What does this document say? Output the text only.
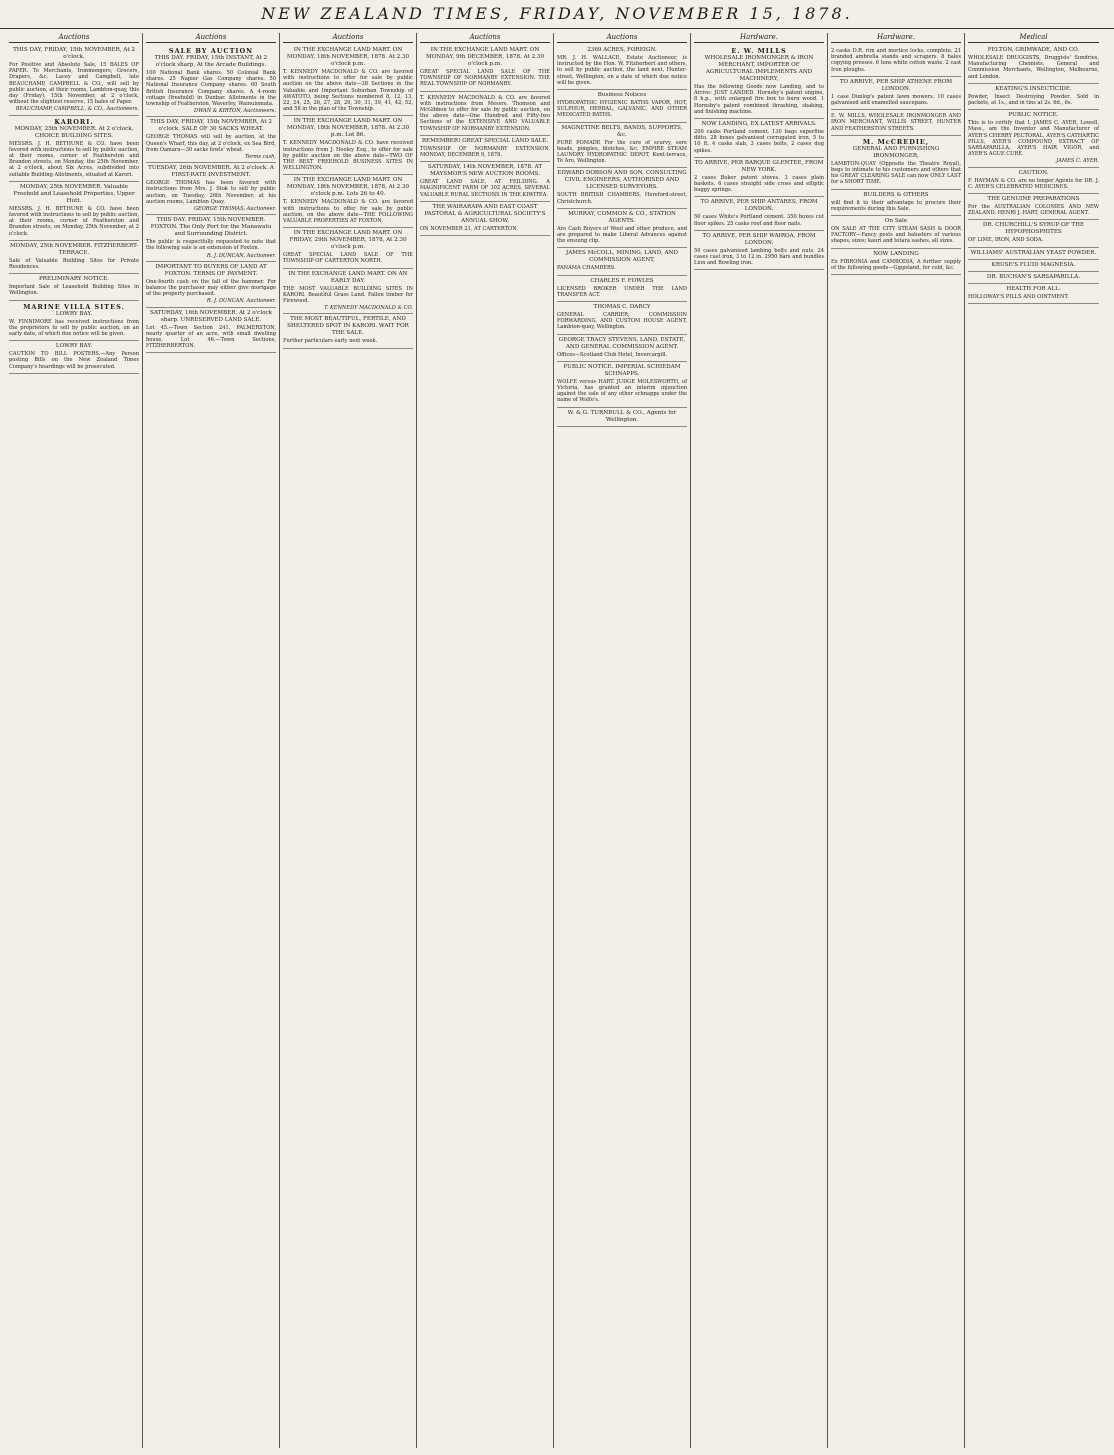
NEW ZEALAND TIMES, FRIDAY, NOVEMBER 15, 1878.
Auctions
THIS DAY, FRIDAY, 15th NOVEMBER, At 2 o'clock.
For Positive and Absolute Sale, 15 BALES OF PAPER. To Merchants, Ironmongers, Grocers, Drapers, &c. Lacey and Campbell, late BEAUCHAMP, CAMPBELL & CO., will sell by public auction, at their rooms, Lambton-quay, this day (Friday), 15th November, at 2 o'clock, without the slightest reserve, 15 bales of Paper.
BEAUCHAMP, CAMPBELL, & CO., Auctioneers.
KARORI.
MONDAY, 25th NOVEMBER. At 2 o'clock. CHOICE BUILDING SITES.
MESSRS. J. H. BETHUNE & CO. have been favored with instructions to sell by public auction, at their rooms, corner of Featherston and Brandon streets, on Monday, the 25th November, at 2 o'clock, about Six Acres, subdivided into suitable Building Allotments, situated at Karori.
MONDAY, 25th NOVEMBER. Valuable Freehold and Leasehold Properties, Upper Hutt.
MESSRS. J. H. BETHUNE & CO. have been favored with instructions to sell by public auction, at their rooms, corner of Featherston and Brandon streets, on Monday, 25th November, at 2 o'clock.
MONDAY, 25th NOVEMBER. FITZHERBERT-TERRACE.
Sale of Valuable Building Sites for Private Residences.
PRELIMINARY NOTICE.
Important Sale of Leasehold Building Sites in Wellington.
MARINE VILLA SITES.
LOWRY BAY.
W. FINNIMORE has received instructions from the proprietors to sell by public auction, on an early date, of which due notice will be given.
LOWRY BAY.
CAUTION TO BILL POSTERS.—Any Person posting Bills on the New Zealand Times Company's hoardings will be prosecuted.
Auctions
SALE BY AUCTION
THIS DAY. FRIDAY, 15th INSTANT, At 2 o'clock sharp, At the Arcade Buildings.
100 National Bank shares. 50 Colonial Bank shares. 25 Napier Gas Company shares. 50 National Insurance Company shares. 60 South British Insurance Company shares. A 4-room cottage (freehold) in Dunbar. Allotments in the township of Featherston, Waverley, Wainuiomata.
DWAN & KIRTON, Auctioneers.
THIS DAY, FRIDAY, 15th NOVEMBER, At 2 o'clock. SALE OF 30 SACKS WHEAT.
GEORGE THOMAS will sell by auction, at the Queen's Wharf, this day, at 2 o'clock, ex Sea Bird, from Oamaru—30 sacks fowls' wheat.
Terms cash.
TUESDAY, 26th NOVEMBER. At 2 o'clock. A FIRST-RATE INVESTMENT.
GEORGE THOMAS has been favored with instructions from Mrs. J. Stok to sell by public auction, on Tuesday, 26th November, at his auction rooms, Lambton Quay.
GEORGE THOMAS, Auctioneer.
THIS DAY. FRIDAY, 15th NOVEMBER. FOXTON. The Only Port for the Manawatu and Surrounding District.
The public is respectfully requested to note that the following sale is an extension of Foxton.
R. J. DUNCAN, Auctioneer.
IMPORTANT TO BUYERS OF LAND AT FOXTON. TERMS OF PAYMENT.
One-fourth cash on the fall of the hammer. For balance the purchaser may either give mortgage of the property purchased.
R. J. DUNCAN, Auctioneer.
SATURDAY, 16th NOVEMBER. At 2 o'clock sharp. UNRESERVED LAND SALE.
Lot 45.—Town Section 241, PALMERSTON, nearly quarter of an acre, with small dwelling house. Lot 46.—Town Sections, FITZHERBERTON.
Auctions
IN THE EXCHANGE LAND MART. ON MONDAY, 18th NOVEMBER, 1878. At 2.30 o'clock p.m.
T. KENNEDY MACDONALD & CO. are favored with instructions to offer for sale by public auction on the above date—38 Sections in the Valuable and Important Suburban Township of AWATOTO, being Sections numbered 8, 12, 13, 22, 24, 25, 26, 27, 28, 29, 30, 31, 39, 41, 42, 52, and 58 in the plan of the Township.
IN THE EXCHANGE LAND MART. ON MONDAY, 18th NOVEMBER, 1878. At 2.30 p.m. Lot 86.
T. KENNEDY MACDONALD & CO. have received instructions from J. Hooley Esq., to offer for sale by public auction on the above date—TWO OF THE BEST FREEHOLD BUSINESS SITES IN WELLINGTON.
IN THE EXCHANGE LAND MART. ON MONDAY, 18th NOVEMBER, 1878, At 2.30 o'clock p.m. Lots 26 to 40.
T. KENNEDY MACDONALD & CO. are favored with instructions to offer for sale by public auction, on the above date—THE FOLLOWING VALUABLE PROPERTIES AT FOXTON.
IN THE EXCHANGE LAND MART. ON FRIDAY, 29th NOVEMBER, 1878, At 2.30 o'clock p.m.
GREAT SPECIAL LAND SALE OF THE TOWNSHIP OF CARTERTON NORTH.
IN THE EXCHANGE LAND MART. ON AN EARLY DAY.
THE MOST VALUABLE BUILDING SITES IN KARORI. Beautiful Grass Land. Fallen timber for Firewood.
T. KENNEDY MACDONALD & CO.
THE MOST BEAUTIFUL, FERTILE, AND SHELTERED SPOT IN KARORI. WAIT FOR THE SALE.
Further particulars early next week.
Auctions
IN THE EXCHANGE LAND MART. ON MONDAY, 9th DECEMBER, 1878. At 2.30 o'clock p.m.
GREAT SPECIAL LAND SALE OF THE TOWNSHIP OF NORMANBY EXTENSION. THE REAL TOWNSHIP OF NORMANBY.
T. KENNEDY MACDONALD & CO. are favored with instructions from Messrs. Thomson and McGibbon to offer for sale by public auction, on the above date—One Hundred and Fifty-two Sections of the EXTENSIVE AND VALUABLE TOWNSHIP OF NORMANBY EXTENSION.
REMEMBER! GREAT SPECIAL LAND SALE.
TOWNSHIP OF NORMANBY EXTENSION. MONDAY, DECEMBER 9, 1878.
SATURDAY, 14th NOVEMBER, 1878. AT MAYSMOR'S NEW AUCTION ROOMS.
GREAT LAND SALE, AT FEILDING. A MAGNIFICENT FARM OF 302 ACRES, SEVERAL VALUABLE RURAL SECTIONS IN THE KIWITEA.
THE WAIRARAPA AND EAST COAST PASTORAL & AGRICULTURAL SOCIETY'S ANNUAL SHOW,
ON NOVEMBER 21, AT CARTERTON.
Auctions
2369 ACRES, FOREIGN.
MR. J. H. WALLACE, Estate Auctioneer, is instructed by the Hon. W. Fitzherbert and others, to sell by public auction, the land next, Hunter-street, Wellington, on a date of which due notice will be given.
Business Notices
HYDROPATHIC HYGIENIC BATHS VAPOR, HOT, SULPHUR, HERBAL, GALVANIC, AND OTHER MEDICATED BATHS.
MAGNETINE BELTS, BANDS, SUPPORTS, &c.
PURE POMADE For the cure of scurvy, sore heads, pimples, blotches, &c. EMPIRE STEAM LAUNDRY HYDROPATHIC DEPOT, Kent-terrace, Te Aro, Wellington.
EDWARD DOBSON AND SON, CONSULTING CIVIL ENGINEERS, AUTHORISED AND LICENSED SURVEYORS.
SOUTH BRITISH CHAMBERS, Hereford-street, Christchurch.
MURRAY, COMMON & CO., STATION AGENTS.
Are Cash Buyers of Wool and other produce, and are prepared to make Liberal Advances against the ensuing clip.
JAMES McCOLL, MINING, LAND, AND COMMISSION AGENT,
PANAMA CHAMBERS.
CHARLES F. FOWLES
LICENSED BROKER UNDER THE LAND TRANSFER ACT.
THOMAS C. DARCY
GENERAL CARRIER, COMMISSION FORWARDING, AND CUSTOM HOUSE AGENT, Lambton-quay, Wellington.
GEORGE TRACY STEVENS, LAND, ESTATE, AND GENERAL COMMISSION AGENT.
Offices—Scotland Club Hotel, Invercargill.
PUBLIC NOTICE. IMPERIAL SCHIEDAM SCHNAPPS.
WOLFE versus HART. JUDGE MOLESWORTH, of Victoria, has granted an interim injunction against the sale of any other schnapps under the name of Wolfe's.
W. & G. TURNBULL & CO., Agents for Wellington.
Hardware.
E. W. MILLS
WHOLESALE IRONMONGER & IRON MERCHANT, IMPORTER OF AGRICULTURAL IMPLEMENTS AND MACHINERY,
Has the following Goods now Landing, and to Arrive: JUST LANDED. Hornsby's patent engine, 8 h.p., with enlarged fire box to burn wood. 1 Hornsby's patent combined thrashing, shaking, and finishing machine.
NOW LANDING, EX LATEST ARRIVALS.
200 casks Portland cement. 130 bags superfine ditto. 28 boxes galvanised corrugated iron, 5 to 10 ft. 4 casks slab, 3 cases bolts, 2 cases dog spikes.
TO ARRIVE, PER BARQUE GLENTEE, FROM NEW YORK.
2 cases Boker patent stoves. 3 cases plain baskets. 6 cases straight side cross and elliptic buggy springs.
TO ARRIVE, PER SHIP ANTARES, FROM LONDON.
50 cases White's Portland cement. 350 boxes cut floor spikes. 25 casks roof and floor nails.
TO ARRIVE, PER SHIP WAIROA, FROM LONDON.
50 cases galvanised lambing bolts and nuts. 24 cases cast iron, 3 to 12 in. 2950 bars and bundles Lion and Bowling iron.
Hardware.
2 casks D.R. rim and mortice locks, complete. 21 branded ambrella stands and scrapers. 8 bales copying presses. 6 tons white cotton waste. 2 cast Iron ploughs.
TO ARRIVE, PER SHIP ATHENE FROM LONDON.
1 case Dunlop's patent lawn mowers. 10 cases galvanised and enamelled saucepans.
E. W. MILLS, WHOLESALE IRONMONGER AND IRON MERCHANT, WILLIS STREET, HUNTER AND FEATHERSTON STREETS.
M. McCREDIE,
GENERAL AND FURNISHING IRONMONGER,
LAMBTON-QUAY (Opposite the Theatre Royal), begs to intimate to his customers and others that his GREAT CLEARING SALE can now ONLY LAST for a SHORT TIME.
BUILDERS & OTHERS
will find it to their advantage to procure their requirements during this Sale.
On Sale
ON SALE AT THE CITY STEAM SASH & DOOR FACTORY—Fancy posts and balusters of various shapes, sizes; kauri and totara sashes, all sizes.
NOW LANDING
Ex FIBRONIA and CAMBODIA, A further supply of the following goods—Gippsland, for cold, &c.
Medical
FELTON, GRIMWADE, AND CO.
WHOLESALE DRUGGISTS, Druggists' Sundries, Manufacturing Chemists, General and Commission Merchants, Wellington, Melbourne, and London.
KEATING'S INSECTICIDE.
Powder, Insect Destroying Powder. Sold in packets, at 1s., and in tins at 2s. 6d., 6s.
PUBLIC NOTICE.
This is to certify that I, JAMES C. AYER, Lowell, Mass., am the Inventor and Manufacturer of AYER'S CHERRY PECTORAL, AYER'S CATHARTIC PILLS, AYER'S COMPOUND EXTRACT OF SARSAPARILLA, AYER'S HAIR VIGOR, and AYER'S AGUE CURE.
JAMES C. AYER.
CAUTION.
F. HAYMAN & CO. are no longer Agents for DR. J. C. AYER'S CELEBRATED MEDICINES.
THE GENUINE PREPARATIONS
For the AUSTRALIAN COLONIES AND NEW ZEALAND. HENRI J. HART, GENERAL AGENT.
DR. CHURCHILL'S SYRUP OF THE HYPOPHOSPHITES
OF LIME, IRON, AND SODA.
WILLIAMS' AUSTRALIAN YEAST POWDER.
KRUSE'S FLUID MAGNESIA.
DR. BUCHAN'S SARSAPARILLA.
HEALTH FOR ALL.
HOLLOWAY'S PILLS AND OINTMENT.
